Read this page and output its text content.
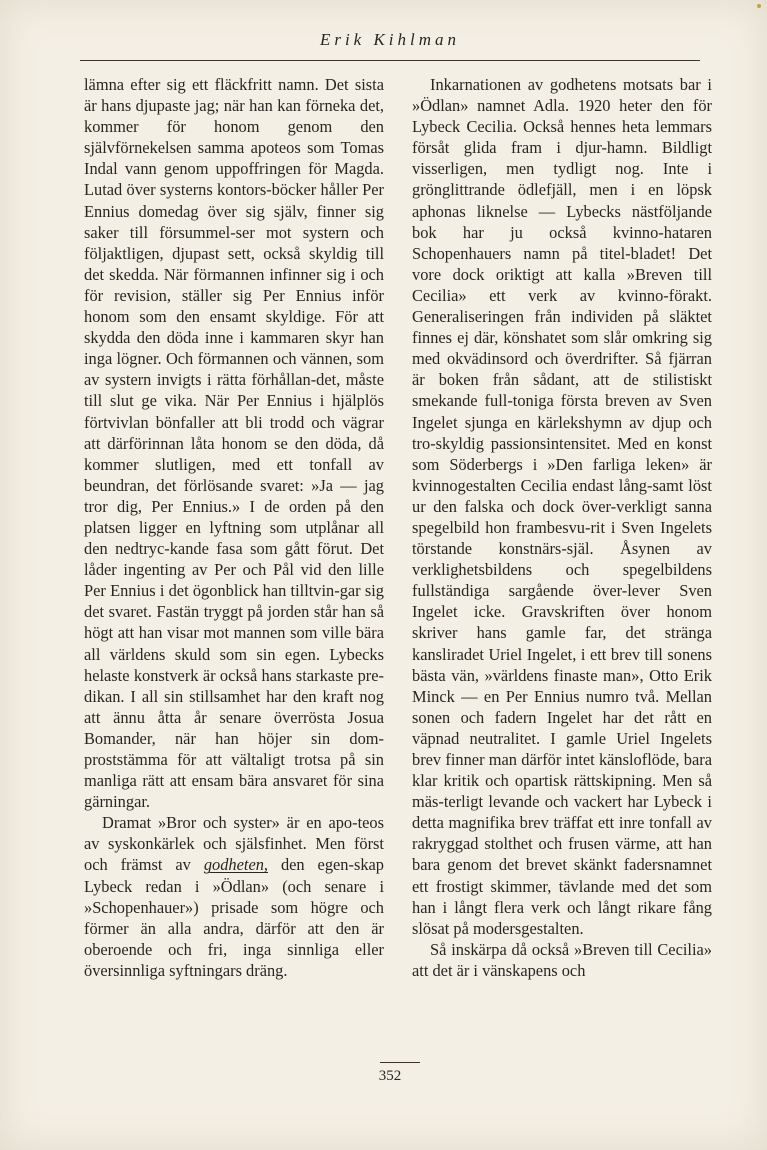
Erik Kihlman

lämna efter sig ett fläckfritt namn. Det sista är hans djupaste jag; när han kan förneka det, kommer för honom genom den självförnekelsen samma apoteos som Tomas Indal vann genom uppoffringen för Magda. Lutad över systerns kontors-böcker håller Per Ennius domedag över sig själv, finner sig saker till försummel-ser mot systern och följaktligen, djupast sett, också skyldig till det skedda. När förmannen infinner sig i och för revision, ställer sig Per Ennius inför honom som den ensamt skyldige. För att skydda den döda inne i kammaren skyr han inga lögner. Och förmannen och vännen, som av systern invigts i rätta förhållan-det, måste till slut ge vika. När Per Ennius i hjälplös förtvivlan bönfaller att bli trodd och vägrar att därförinnan låta honom se den döda, då kommer slutligen, med ett tonfall av beundran, det förlösande svaret: »Ja — jag tror dig, Per Ennius.» I de orden på den platsen ligger en lyftning som utplånar all den nedtryc-kande fasa som gått förut. Det låder ingenting av Per och Pål vid den lille Per Ennius i det ögonblick han tilltvin-gar sig det svaret. Fastän tryggt på jorden står han så högt att han visar mot mannen som ville bära all världens skuld som sin egen. Lybecks helaste konstverk är också hans starkaste pre-dikan. I all sin stillsamhet har den kraft nog att ännu åtta år senare överrösta Josua Bomander, när han höjer sin dom-proststämma för att vältaligt trotsa på sin manliga rätt att ensam bära ansvaret för sina gärningar.

Dramat »Bror och syster» är en apo-teos av syskonkärlek och själsfinhet. Men först och främst av godheten, den egen-skap Lybeck redan i »Ödlan» (och senare i »Schopenhauer») prisade som högre och förmer än alla andra, därför att den är oberoende och fri, inga sinnliga eller översinnliga syftningars dräng.

Inkarnationen av godhetens motsats bar i »Ödlan» namnet Adla. 1920 heter den för Lybeck Cecilia. Också hennes heta lemmars försåt glida fram i djur-hamn. Bildligt visserligen, men tydligt nog. Inte i grönglittrande ödlefjäll, men i en löpsk aphonas liknelse — Lybecks nästföljande bok har ju också kvinno-hataren Schopenhauers namn på titel-bladet! Det vore dock oriktigt att kalla »Breven till Cecilia» ett verk av kvinno-förakt. Generaliseringen från individen på släktet finnes ej där, könshatet som slår omkring sig med okvädinsord och överdrifter. Så fjärran är boken från sådant, att de stilistiskt smekande full-toniga första breven av Sven Ingelet sjunga en kärlekshymn av djup och tro-skyldig passionsintensitet. Med en konst som Söderbergs i »Den farliga leken» är kvinnogestalten Cecilia endast lång-samt löst ur den falska och dock över-verkligt sanna spegelbild hon frambesvu-rit i Sven Ingelets törstande konstnärs-själ. Åsynen av verklighetsbildens och spegelbildens fullständiga sargående över-lever Sven Ingelet icke. Gravskriften över honom skriver hans gamle far, det stränga kansliradet Uriel Ingelet, i ett brev till sonens bästa vän, »världens finaste man», Otto Erik Minck — en Per Ennius numro två. Mellan sonen och fadern Ingelet har det rått en väpnad neutralitet. I gamle Uriel Ingelets brev finner man därför intet känsloflöde, bara klar kritik och opartisk rättskipning. Men så mäs-terligt levande och vackert har Lybeck i detta magnifika brev träffat ett inre tonfall av rakryggad stolthet och frusen värme, att han bara genom det brevet skänkt fadersnamnet ett frostigt skimmer, tävlande med det som han i långt flera verk och långt rikare fång slösat på modersgestalten.

Så inskärpa då också »Breven till Cecilia» att det är i vänskapens och

352
